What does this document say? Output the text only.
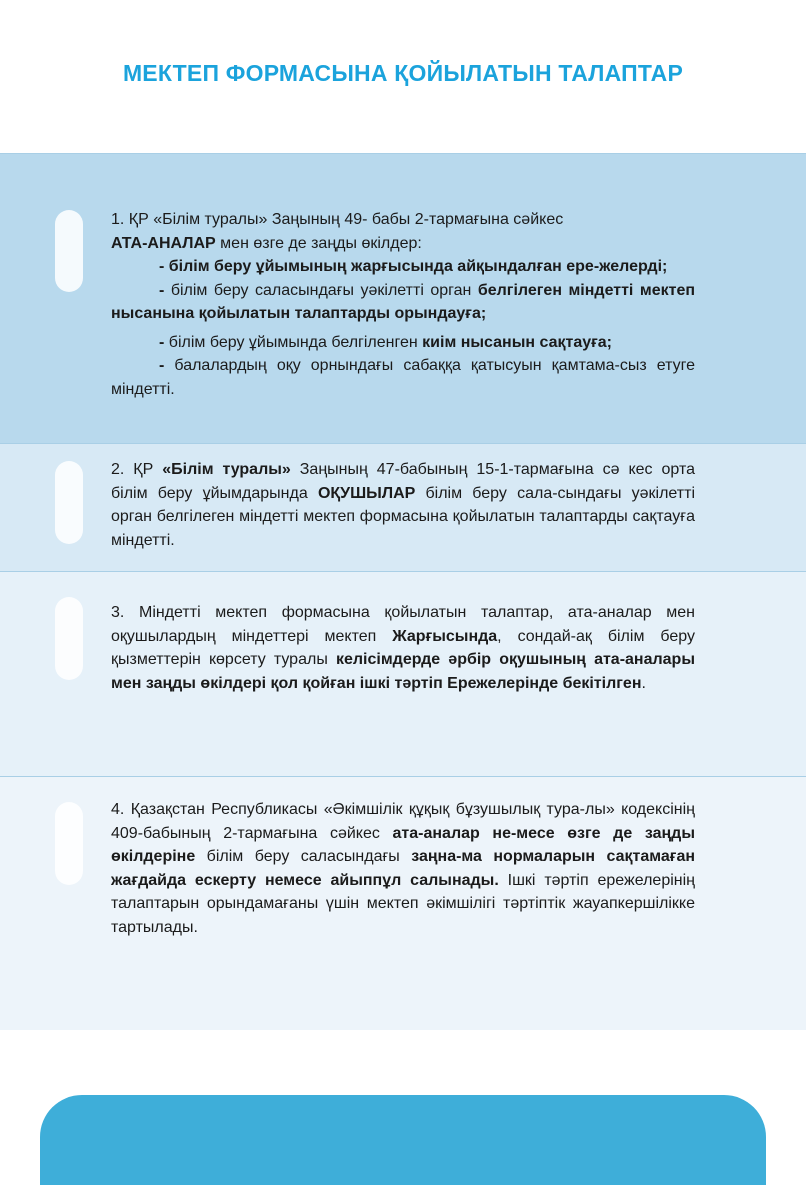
МЕКТЕП ФОРМАСЫНА ҚОЙЫЛАТЫН ТАЛАПТАР

1. ҚР «Білім туралы» Заңының 49- бабы 2-тармағына сәйкес

АТА-АНАЛАР мен өзге де заңды өкілдер:

- білім беру ұйымының жарғысында айқындалған ере-желерді;

- білім беру саласындағы уәкілетті орган белгілеген міндетті мектеп нысанына қойылатын талаптарды орындауға;

- білім беру ұйымында белгіленген киім нысанын сақтауға;

- балалардың оқу орнындағы сабаққа қатысуын қамтама-сыз етуге міндетті.

2. ҚР «Білім туралы» Заңының 47-бабының 15-1-тармағына сә кес орта білім беру ұйымдарында ОҚУШЫЛАР білім беру сала-сындағы уәкілетті орган белгілеген міндетті мектеп формасына қойылатын талаптарды сақтауға міндетті.

3. Міндетті мектеп формасына қойылатын талаптар, ата-аналар мен оқушылардың міндеттері мектеп Жарғысында, сондай-ақ білім беру қызметтерін көрсету туралы келісімдерде әрбір оқушының ата-аналары мен заңды өкілдері қол қойған ішкі тәртіп Ережелерінде бекітілген.

4. Қазақстан Республикасы «Әкімшілік құқық бұзушылық тура-лы» кодексінің 409-бабының 2-тармағына сәйкес ата-аналар не-месе өзге де заңды өкілдеріне білім беру саласындағы заңна-ма нормаларын сақтамаған жағдайда ескерту немесе айыппұл салынады. Ішкі тәртіп ережелерінің талаптарын орындамағаны үшін мектеп әкімшілігі тәртіптік жауапкершілікке тартылады.
